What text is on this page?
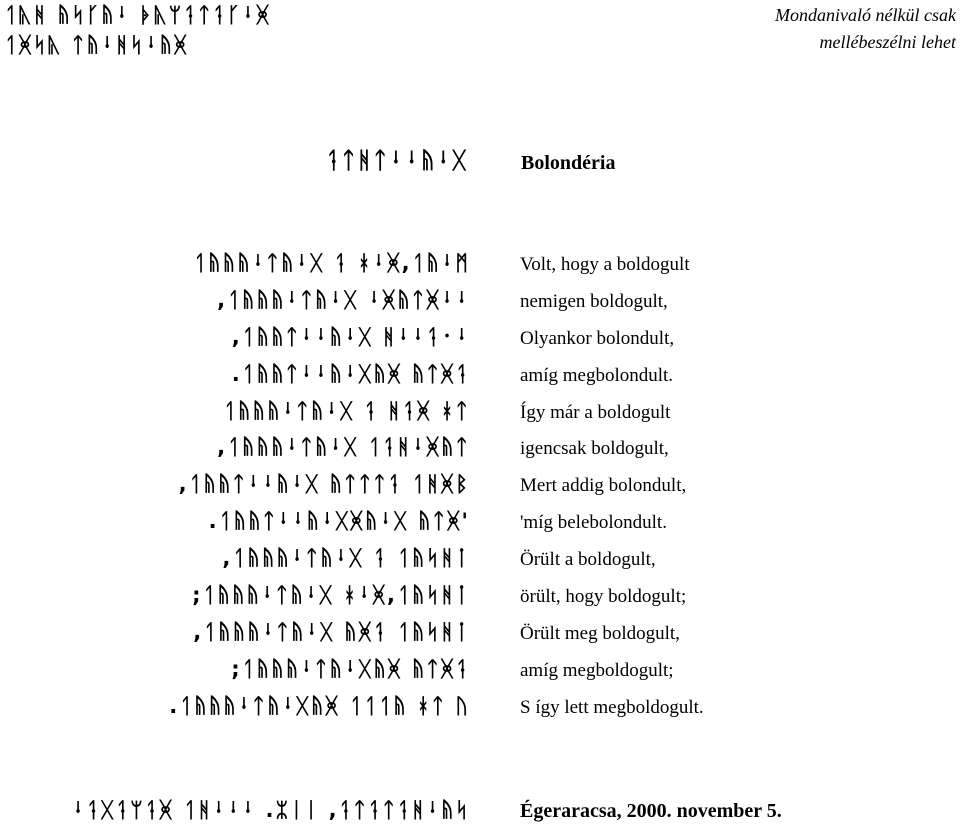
ᛐᚣᚻ ᚥᛋᚴᚥᛍ ᚧᚣᛘᛑᛏᛑᚴᛍᚸ
ᛐᚸᛋᚣ ᛏᚥᛍᚻᛋᛍᚥᚸ
Mondanivaló nélkül csak
mellébeszélni lehet
ᛑᛏᚻᛏᛍᛍᚥᛍᚷ	Bolondéria
ᛐᚥᚥᚥᛍᛏᚥᛍᚷ ᛑ ᚼᛍᚸ,ᛐᚥᛍᛗ
,ᛐᚥᚥᚥᛍᛏᚥᛍᚷ ᛍᚸᚥᛏᚸᛍᛍ
,ᛐᚥᚥᛏᛍᛍᚥᛍᚷ ᚻᛍᛍᛑ᛫ᛍ
.ᛐᚥᚥᛏᛍᛍᚥᛍᚷᚥᚸ ᚥᛏᚸᛑ
ᛐᚥᚥᚥᛍᛏᚥᛍᚷ ᛑ ᚻᛑᚸ ᚼᛏ
,ᛐᚥᚥᚥᛍᛏᚥᛍᚷ ᛐᛑᚻᛍᚸᚥᛏ
,ᛐᚥᚥᛏᛍᛍᚥᛍᚷ ᚥᛏᛏᛏᛑ ᛐᚻᚸᛒ
.ᛐᚥᚥᛏᛍᛍᚥᛍᚷᚸᚥᛍᚷ ᚥᛏᚸ'
,ᛐᚥᚥᚥᛍᛏᚥᛍᚷ ᛑ ᛐᚥᛋᚻᛙ
;ᛐᚥᚥᚥᛍᛏᚥᛍᚷ ᚼᛍᚸ,ᛐᚥᛋᚻᛙ
,ᛐᚥᚥᚥᛍᛏᚥᛍᚷ ᚥᚸᛑ ᛐᚥᛋᚻᛙ
;ᛐᚥᚥᚥᛍᛏᚥᛍᚷᚥᚸ ᚥᛏᚸᛑ
.ᛐᚥᚥᚥᛍᛏᚥᛍᚷᚥᚸ ᛐᛐᛐᚥ ᚼᛏ ᚢ
Volt, hogy a boldogult
nemigen boldogult,
Olyankor bolondult,
amíg megbolondult.
Így már a boldogult
igencsak boldogult,
Mert addig bolondult,
'míg belebolondult.
Örült a boldogult,
örült, hogy boldogult;
Örült meg boldogult,
amíg megboldogult;
S így lett megboldogult.
ᛍᛑᚷᛑᛘᛑᚸ ᛐᚻᛍᛍᛍ .ᛯᛁᛁ ,ᛑᛏᛑᛏᛑᚻᛍᚥᛋ	Égeraracsa, 2000. november 5.
